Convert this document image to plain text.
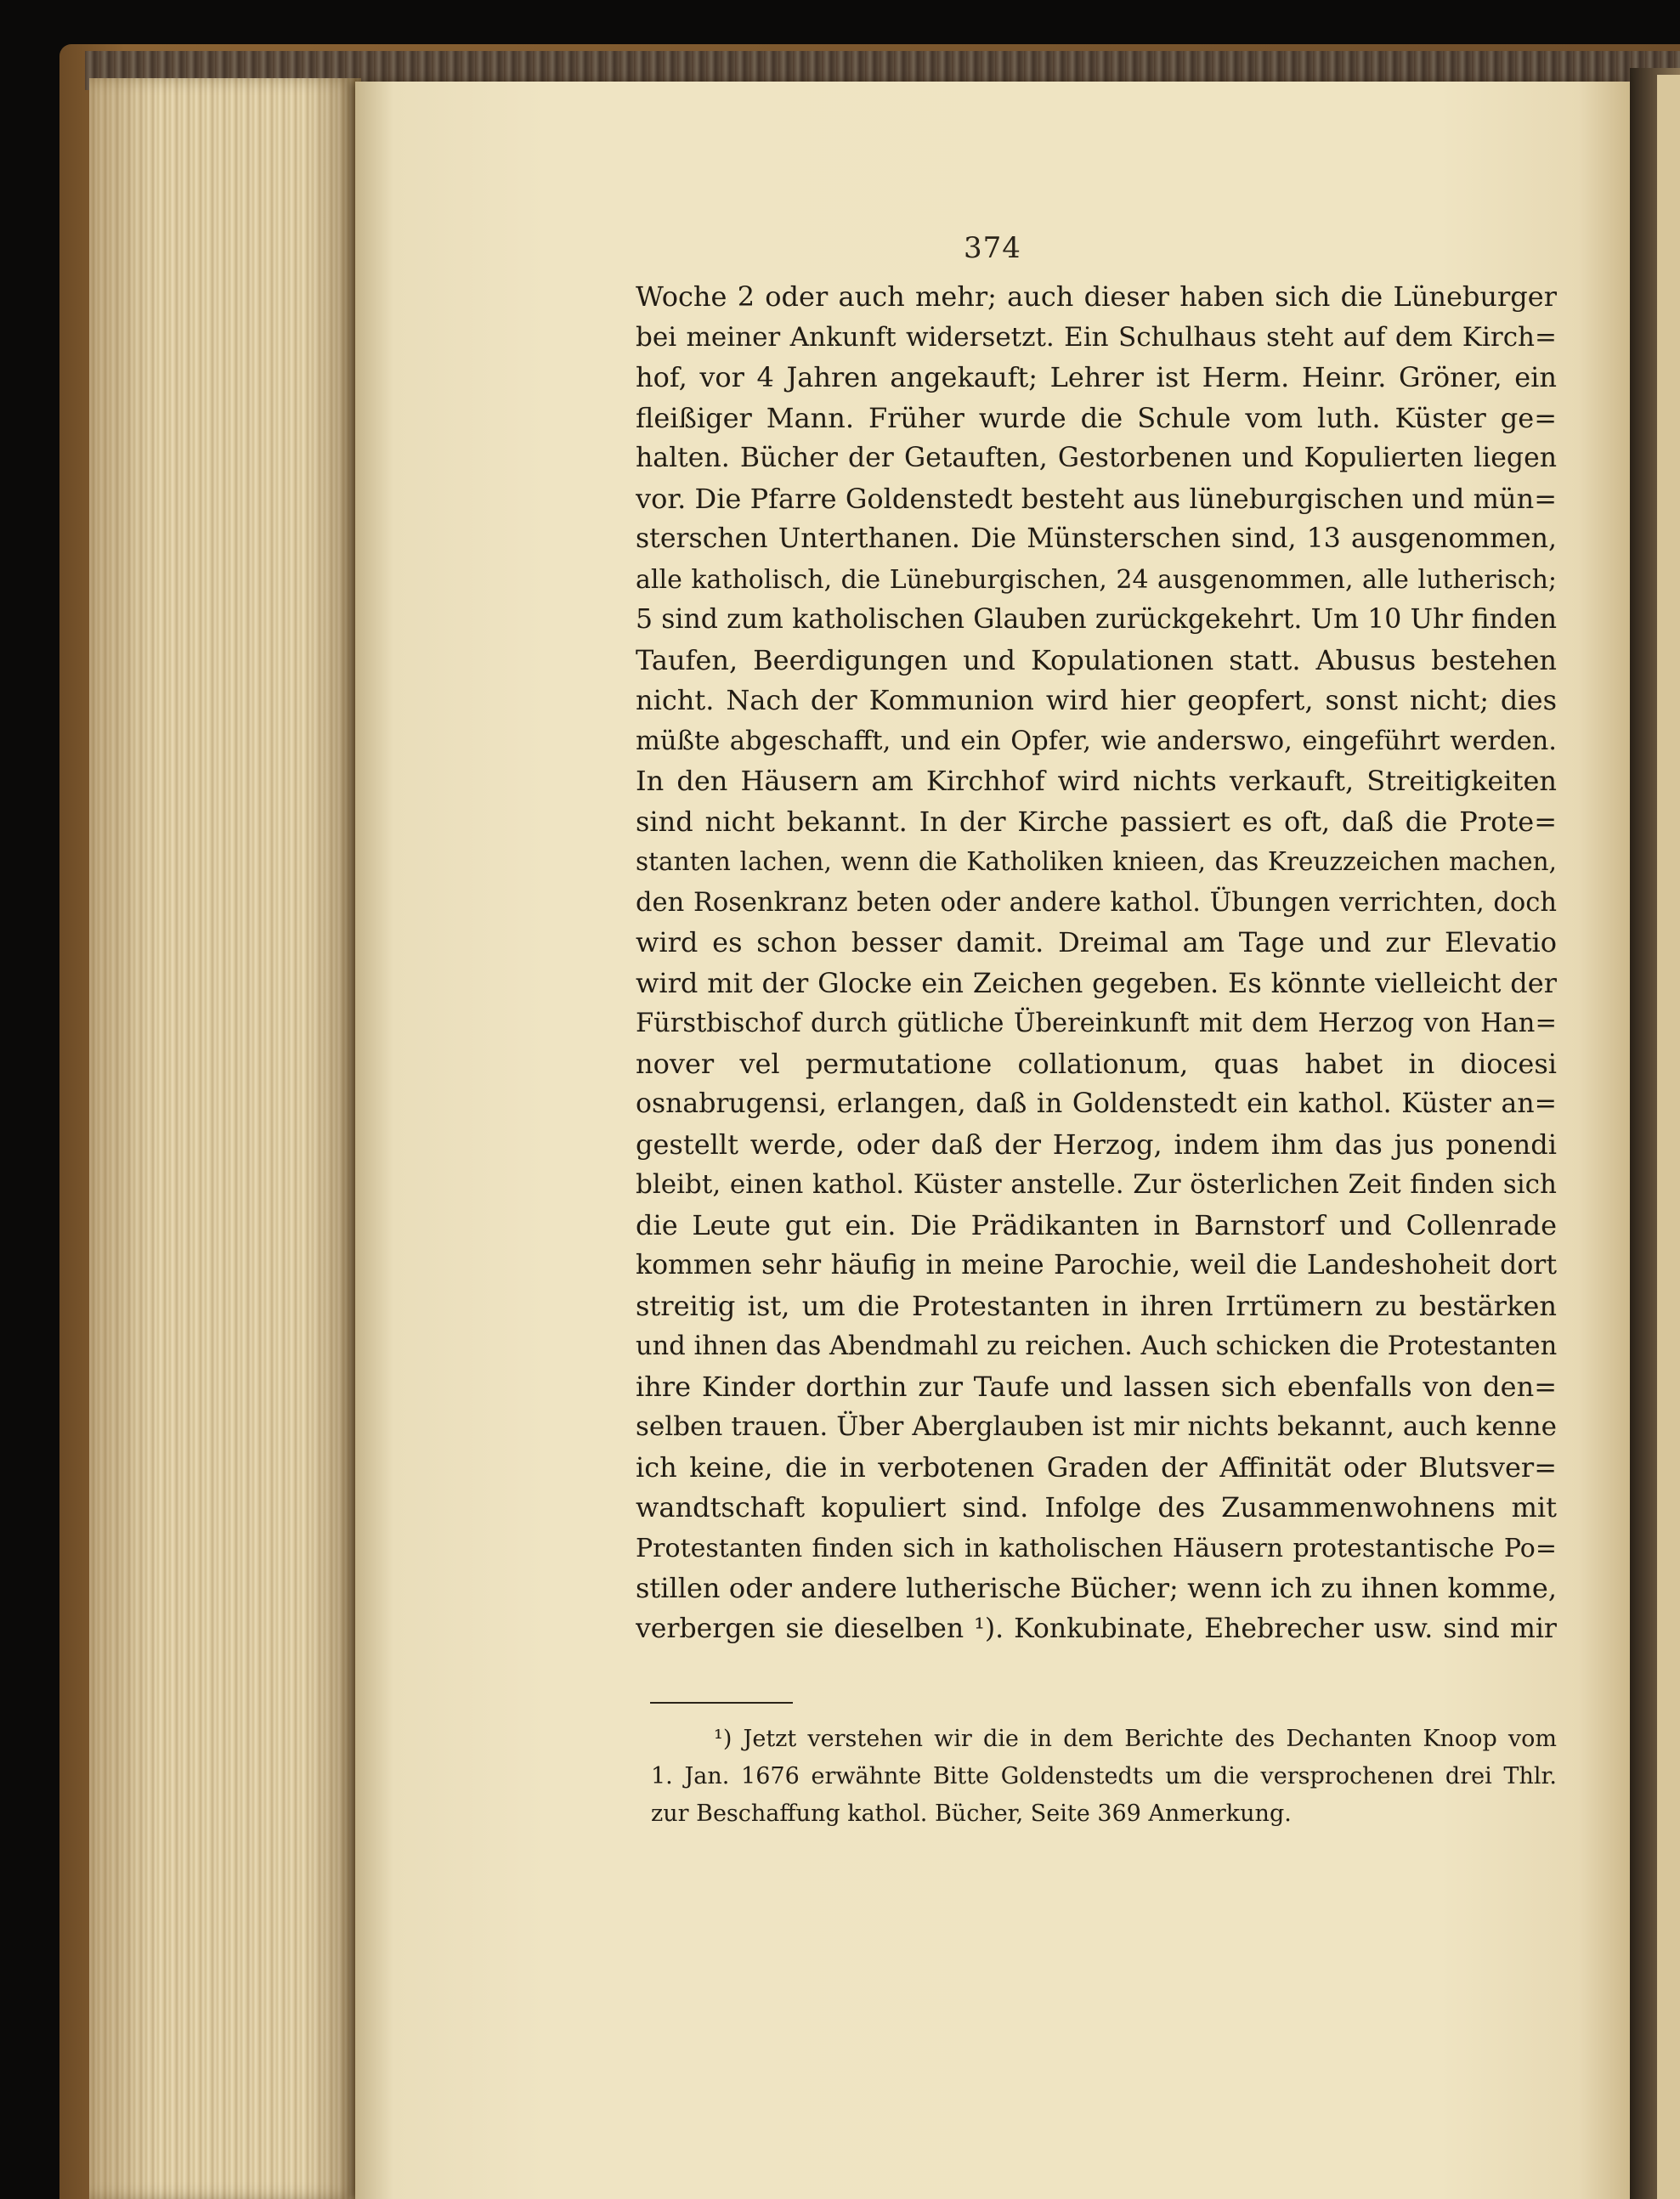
374
Woche 2 oder auch mehr; auch dieser haben sich die Lüneburger
bei meiner Ankunft widersetzt. Ein Schulhaus steht auf dem Kirch=
hof, vor 4 Jahren angekauft; Lehrer ist Herm. Heinr. Gröner, ein
fleißiger Mann. Früher wurde die Schule vom luth. Küster ge=
halten. Bücher der Getauften, Gestorbenen und Kopulierten liegen
vor. Die Pfarre Goldenstedt besteht aus lüneburgischen und mün=
sterschen Unterthanen. Die Münsterschen sind, 13 ausgenommen,
alle katholisch, die Lüneburgischen, 24 ausgenommen, alle lutherisch;
5 sind zum katholischen Glauben zurückgekehrt. Um 10 Uhr finden
Taufen, Beerdigungen und Kopulationen statt. Abusus bestehen
nicht. Nach der Kommunion wird hier geopfert, sonst nicht; dies
müßte abgeschafft, und ein Opfer, wie anderswo, eingeführt werden.
In den Häusern am Kirchhof wird nichts verkauft, Streitigkeiten
sind nicht bekannt. In der Kirche passiert es oft, daß die Prote=
stanten lachen, wenn die Katholiken knieen, das Kreuzzeichen machen,
den Rosenkranz beten oder andere kathol. Übungen verrichten, doch
wird es schon besser damit. Dreimal am Tage und zur Elevatio
wird mit der Glocke ein Zeichen gegeben. Es könnte vielleicht der
Fürstbischof durch gütliche Übereinkunft mit dem Herzog von Han=
nover vel permutatione collationum, quas habet in diocesi
osnabrugensi, erlangen, daß in Goldenstedt ein kathol. Küster an=
gestellt werde, oder daß der Herzog, indem ihm das jus ponendi
bleibt, einen kathol. Küster anstelle. Zur österlichen Zeit finden sich
die Leute gut ein. Die Prädikanten in Barnstorf und Collenrade
kommen sehr häufig in meine Parochie, weil die Landeshoheit dort
streitig ist, um die Protestanten in ihren Irrtümern zu bestärken
und ihnen das Abendmahl zu reichen. Auch schicken die Protestanten
ihre Kinder dorthin zur Taufe und lassen sich ebenfalls von den=
selben trauen. Über Aberglauben ist mir nichts bekannt, auch kenne
ich keine, die in verbotenen Graden der Affinität oder Blutsver=
wandtschaft kopuliert sind. Infolge des Zusammenwohnens mit
Protestanten finden sich in katholischen Häusern protestantische Po=
stillen oder andere lutherische Bücher; wenn ich zu ihnen komme,
verbergen sie dieselben ¹). Konkubinate, Ehebrecher usw. sind mir
¹) Jetzt verstehen wir die in dem Berichte des Dechanten Knoop vom
1. Jan. 1676 erwähnte Bitte Goldenstedts um die versprochenen drei Thlr.
zur Beschaffung kathol. Bücher, Seite 369 Anmerkung.
